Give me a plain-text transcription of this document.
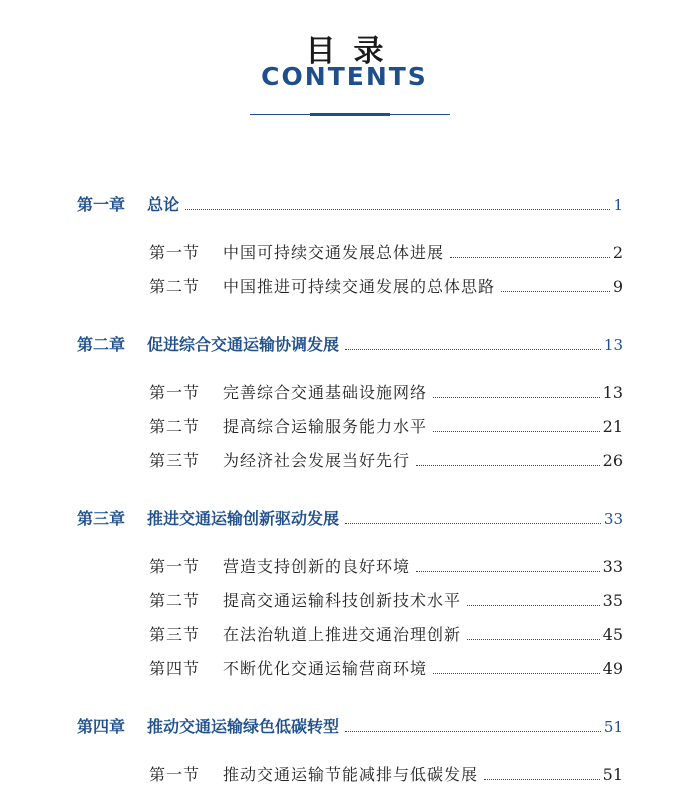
目录
CONTENTS
第一章	总论	1
第一节	中国可持续交通发展总体进展	2
第二节	中国推进可持续交通发展的总体思路	9
第二章	促进综合交通运输协调发展	13
第一节	完善综合交通基础设施网络	13
第二节	提高综合运输服务能力水平	21
第三节	为经济社会发展当好先行	26
第三章	推进交通运输创新驱动发展	33
第一节	营造支持创新的良好环境	33
第二节	提高交通运输科技创新技术水平	35
第三节	在法治轨道上推进交通治理创新	45
第四节	不断优化交通运输营商环境	49
第四章	推动交通运输绿色低碳转型	51
第一节	推动交通运输节能减排与低碳发展	51
